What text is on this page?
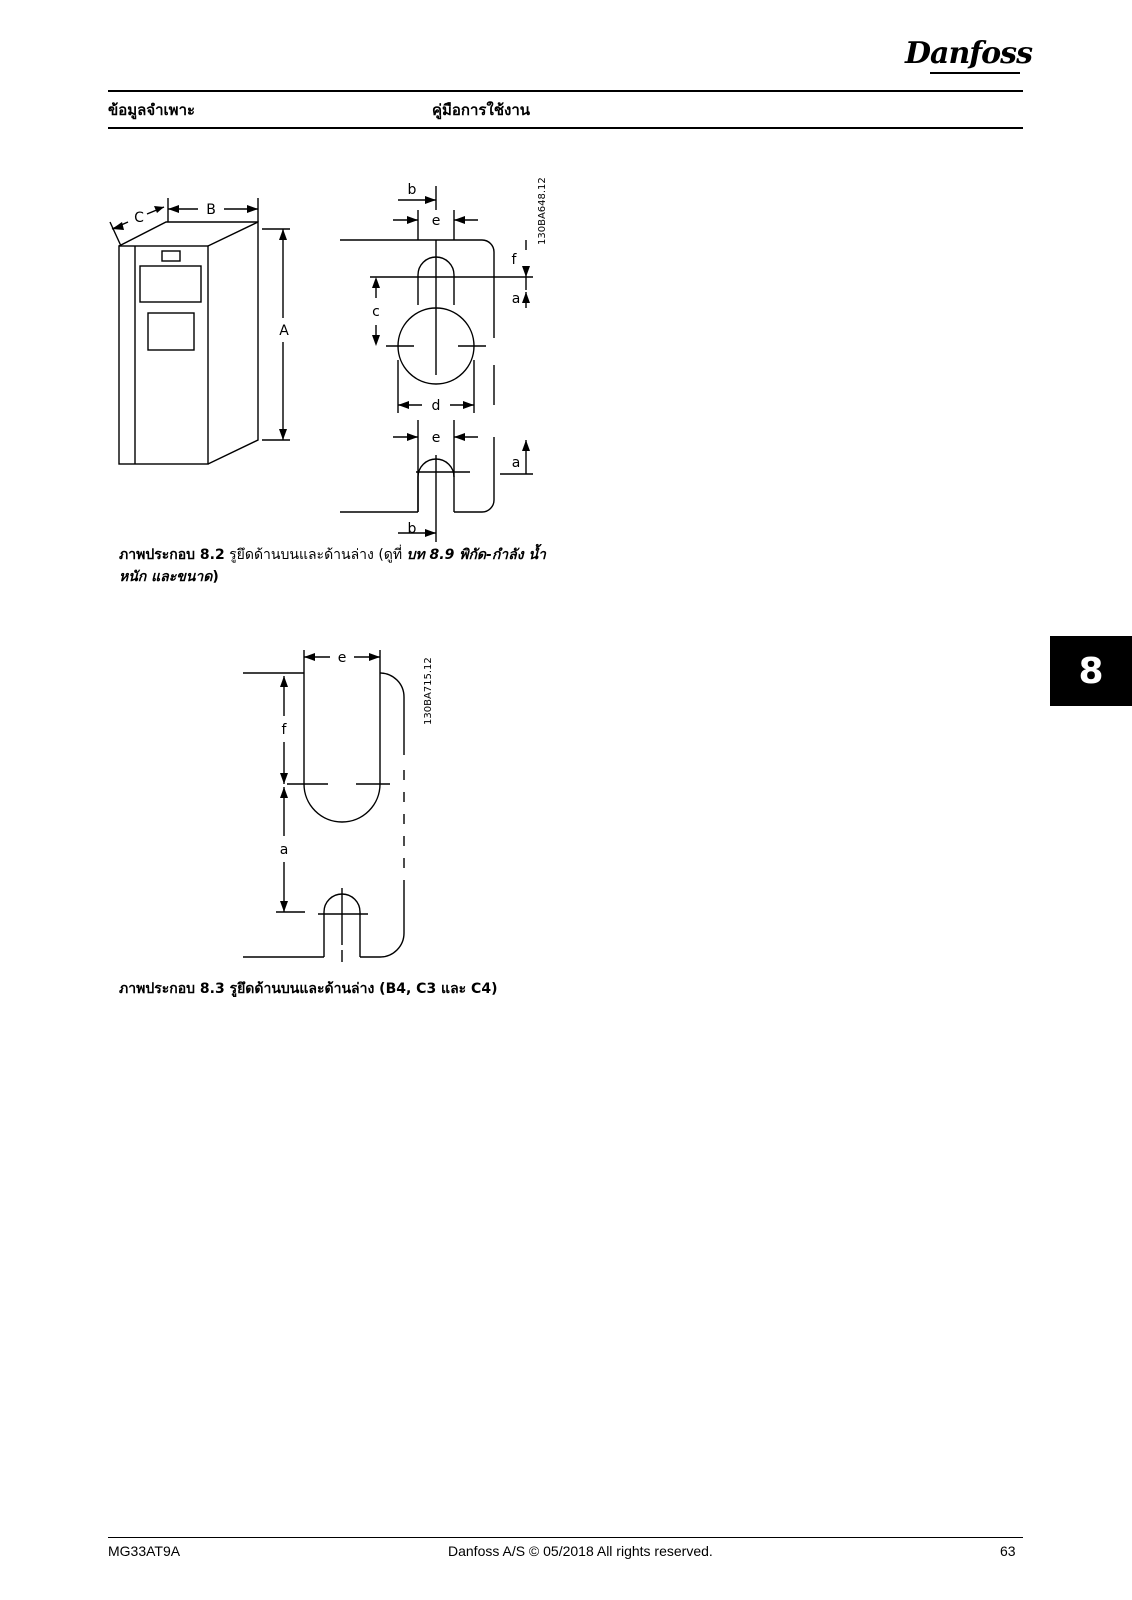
Danfoss
ข้อมูลจำเพาะ	คู่มือการใช้งาน
A
B
C
b
e
f
a
c
d
e
a
b
130BA648.12
ภาพประกอบ 8.2 รูยึดด้านบนและด้านล่าง (ดูที่ บท 8.9 พิกัด-กำลัง น้ำหนัก และขนาด)
f
a
e	130BA715.12
ภาพประกอบ 8.3 รูยึดด้านบนและด้านล่าง (B4, C3 และ C4)
8
MG33AT9A	Danfoss A/S © 05/2018 All rights reserved.	63
